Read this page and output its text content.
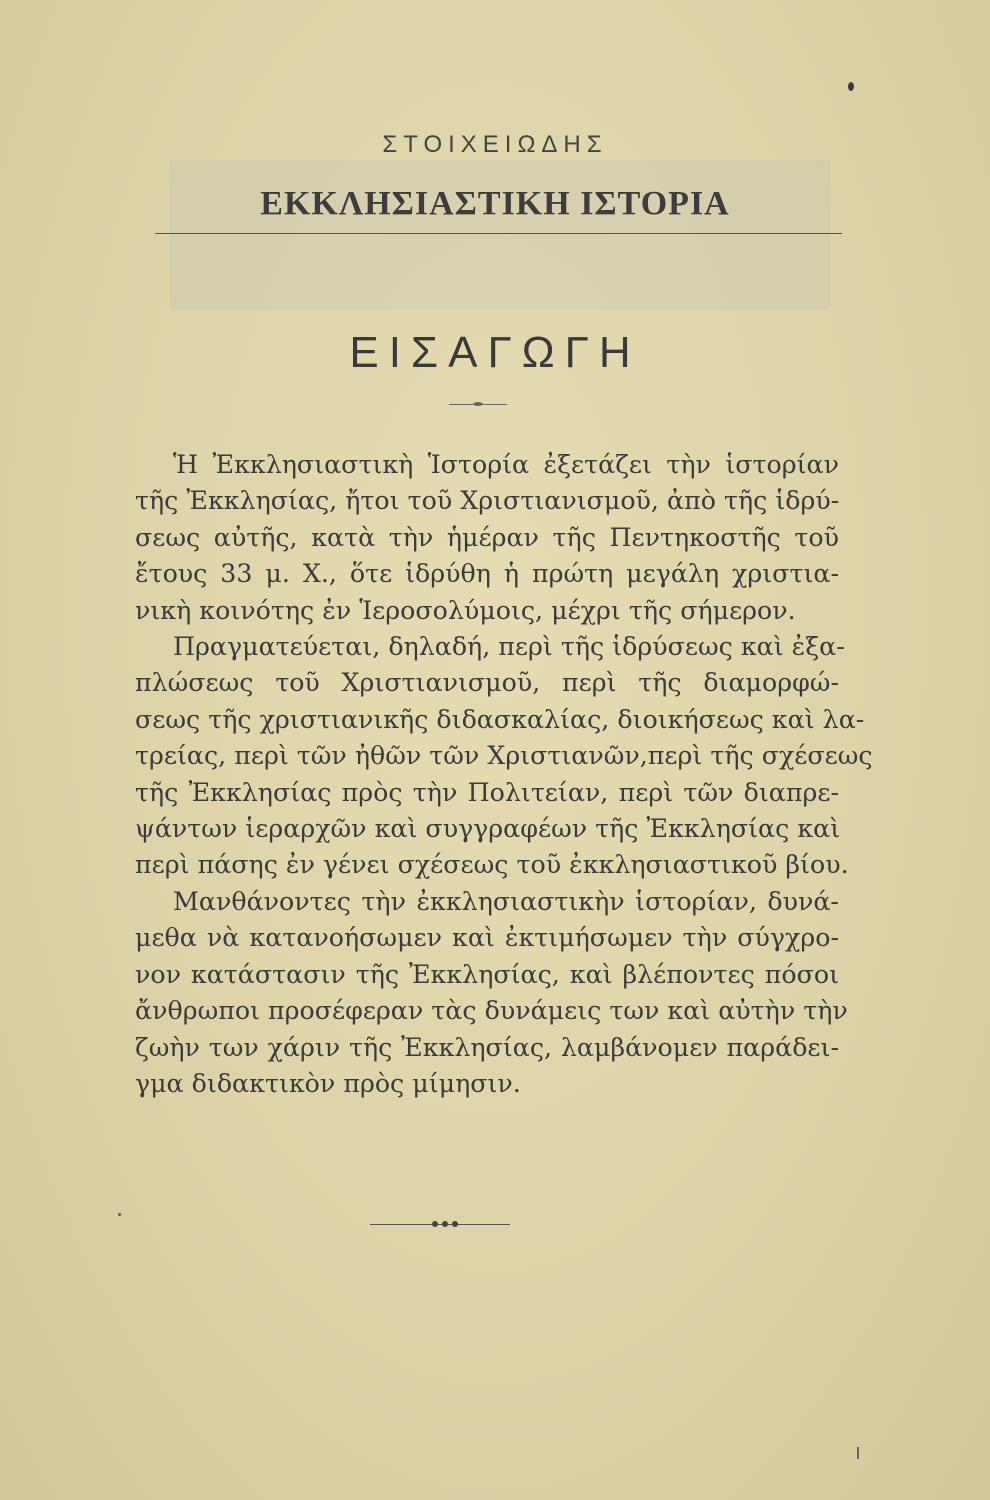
ΣΤΟΙΧΕΙΩΔΗΣ
ΕΚΚΛΗΣΙΑΣΤΙΚΗ ΙΣΤΟΡΙΑ
ΕΙΣΑΓΩΓΗ

Ἡ Ἐκκλησιαστικὴ Ἱστορία ἐξετάζει τὴν ἱστορίαν
τῆς Ἐκκλησίας, ἤτοι τοῦ Χριστιανισμοῦ, ἀπὸ τῆς ἱδρύ-
σεως αὐτῆς, κατὰ τὴν ἡμέραν τῆς Πεντηκοστῆς τοῦ
ἔτους 33 μ. Χ., ὅτε ἱδρύθη ἡ πρώτη μεγάλη χριστια-
νικὴ κοινότης ἐν Ἱεροσολύμοις, μέχρι τῆς σήμερον.

Πραγματεύεται, δηλαδή, περὶ τῆς ἱδρύσεως καὶ ἐξα-
πλώσεως τοῦ Χριστιανισμοῦ, περὶ τῆς διαμορφώ-
σεως τῆς χριστιανικῆς διδασκαλίας, διοικήσεως καὶ λα-
τρείας, περὶ τῶν ἠθῶν τῶν Χριστιανῶν,περὶ τῆς σχέσεως
τῆς Ἐκκλησίας πρὸς τὴν Πολιτείαν, περὶ τῶν διαπρε-
ψάντων ἱεραρχῶν καὶ συγγραφέων τῆς Ἐκκλησίας καὶ
περὶ πάσης ἐν γένει σχέσεως τοῦ ἐκκλησιαστικοῦ βίου.

Μανθάνοντες τὴν ἐκκλησιαστικὴν ἱστορίαν, δυνά-
μεθα νὰ κατανοήσωμεν καὶ ἐκτιμήσωμεν τὴν σύγχρο-
νον κατάστασιν τῆς Ἐκκλησίας, καὶ βλέποντες πόσοι
ἄνθρωποι προσέφεραν τὰς δυνάμεις των καὶ αὐτὴν τὴν
ζωὴν των χάριν τῆς Ἐκκλησίας, λαμβάνομεν παράδει-
γμα διδακτικὸν πρὸς μίμησιν.
